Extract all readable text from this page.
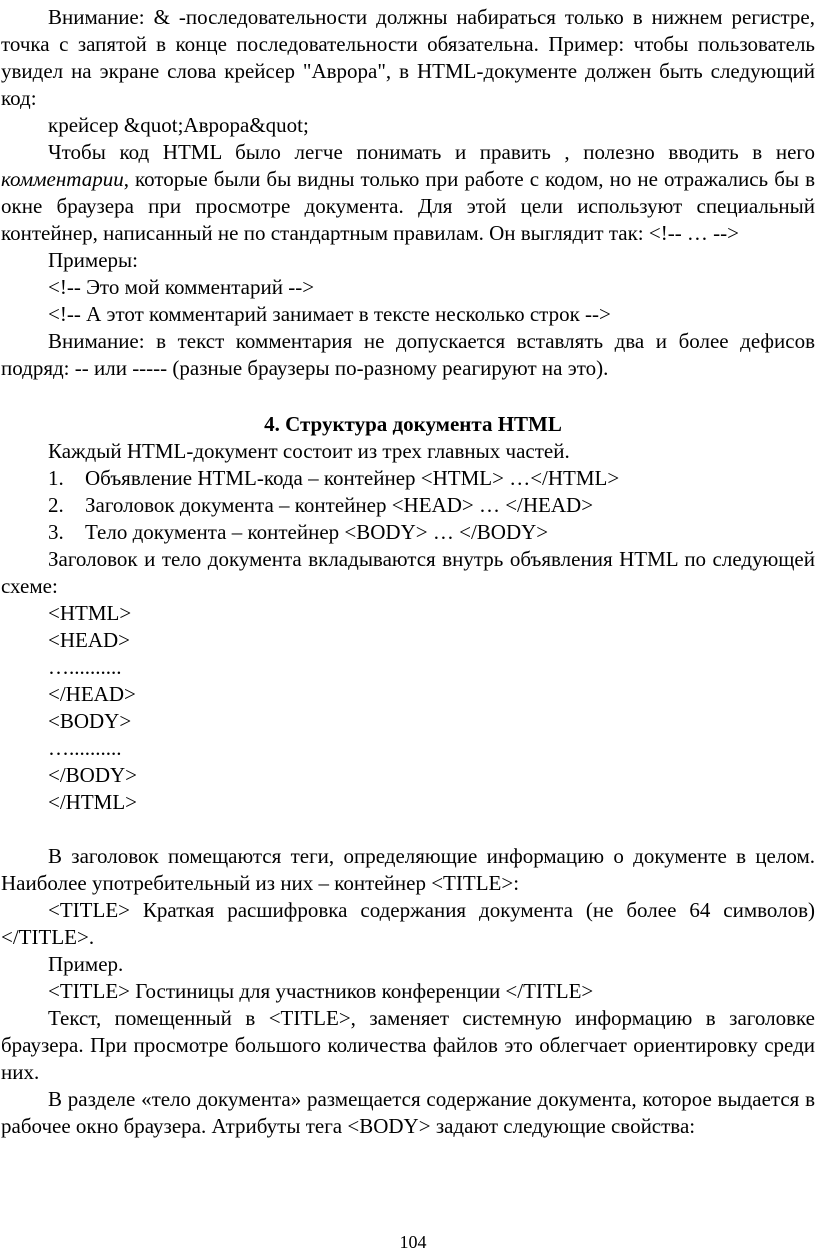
Внимание: & -последовательности должны набираться только в нижнем регистре, точка с запятой в конце последовательности обязательна. Пример: чтобы пользователь увидел на экране слова крейсер "Аврора", в HTML-документе должен быть следующий код:

крейсер &quot;Аврора&quot;

Чтобы код HTML было легче понимать и править , полезно вводить в него комментарии, которые были бы видны только при работе с кодом, но не отражались бы в окне браузера при просмотре документа. Для этой цели используют специальный контейнер, написанный не по стандартным правилам. Он выглядит так: <!-- … -->

Примеры:

<!-- Это мой комментарий -->

<!-- А этот комментарий занимает в тексте несколько строк -->

Внимание: в текст комментария не допускается вставлять два и более дефисов подряд: -- или ----- (разные браузеры по-разному реагируют на это).

4. Структура документа HTML

Каждый HTML-документ состоит из трех главных частей.

1.	Объявление HTML-кода – контейнер <HTML> …</HTML>
2.	Заголовок документа – контейнер <HEAD> … </HEAD>
3.	Тело документа – контейнер <BODY> … </BODY>

Заголовок и тело документа вкладываются внутрь объявления HTML по следующей схеме:

<HTML>

<HEAD>

…..........

</HEAD>

<BODY>

…..........

</BODY>

</HTML>

В заголовок помещаются теги, определяющие информацию о документе в целом. Наиболее употребительный из них – контейнер <TITLE>:

<TITLE> Краткая расшифровка содержания документа (не более 64 символов) </TITLE>.

Пример.

<TITLE> Гостиницы для участников конференции </TITLE>

Текст, помещенный в <TITLE>, заменяет системную информацию в заголовке браузера. При просмотре большого количества файлов это облегчает ориентировку среди них.

В разделе «тело документа» размещается содержание документа, которое выдается в рабочее окно браузера. Атрибуты тега <BODY> задают следующие свойства:

104
